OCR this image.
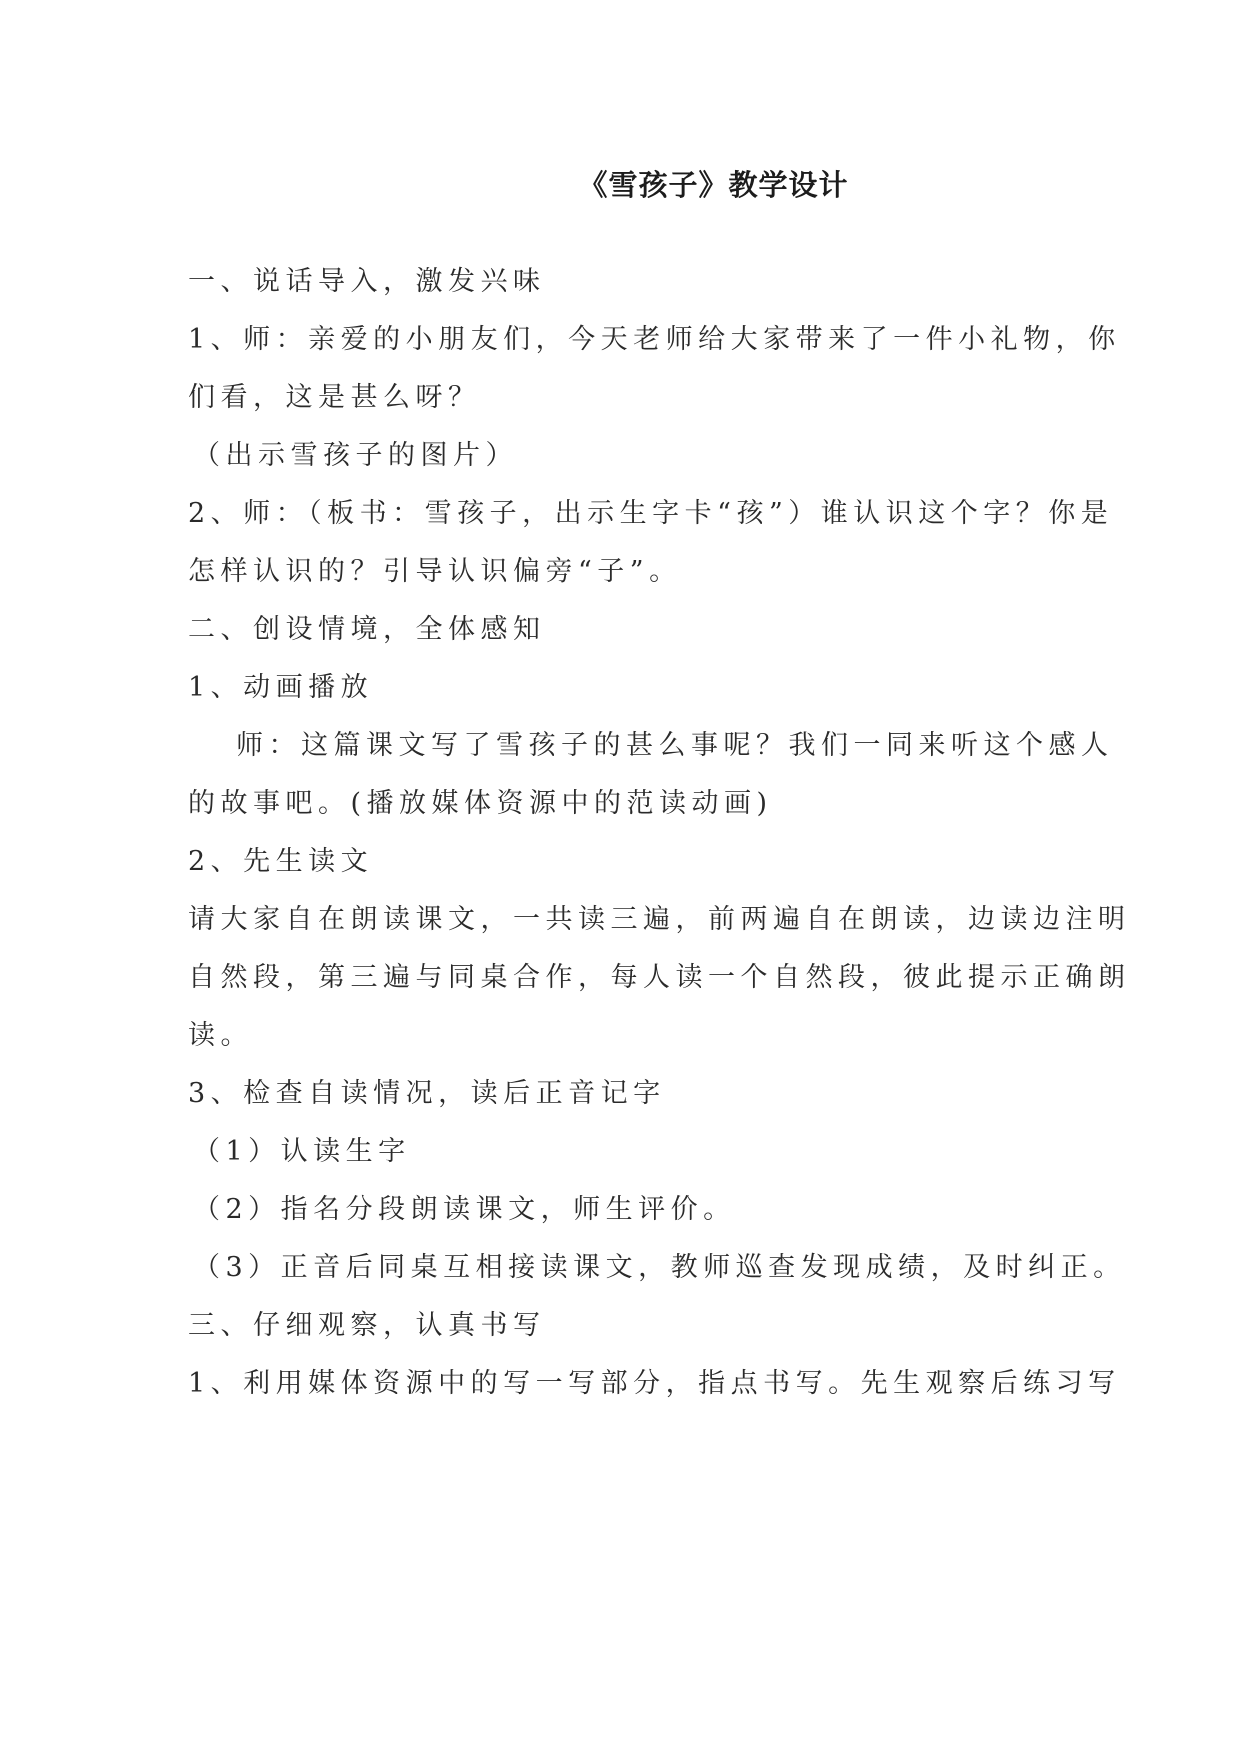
《雪孩子》教学设计
一、说话导入，激发兴味
1、师：亲爱的小朋友们，今天老师给大家带来了一件小礼物，你
们看，这是甚么呀？
（出示雪孩子的图片）
2、师：（板书：雪孩子，出示生字卡“孩”）谁认识这个字？你是
怎样认识的？引导认识偏旁“子”。
二、创设情境，全体感知
1、动画播放
师：这篇课文写了雪孩子的甚么事呢？我们一同来听这个感人
的故事吧。(播放媒体资源中的范读动画)
2、先生读文
请大家自在朗读课文，一共读三遍，前两遍自在朗读，边读边注明
自然段，第三遍与同桌合作，每人读一个自然段，彼此提示正确朗
读。
3、检查自读情况，读后正音记字
（1）认读生字
（2）指名分段朗读课文，师生评价。
（3）正音后同桌互相接读课文，教师巡查发现成绩，及时纠正。
三、仔细观察，认真书写
1、利用媒体资源中的写一写部分，指点书写。先生观察后练习写
